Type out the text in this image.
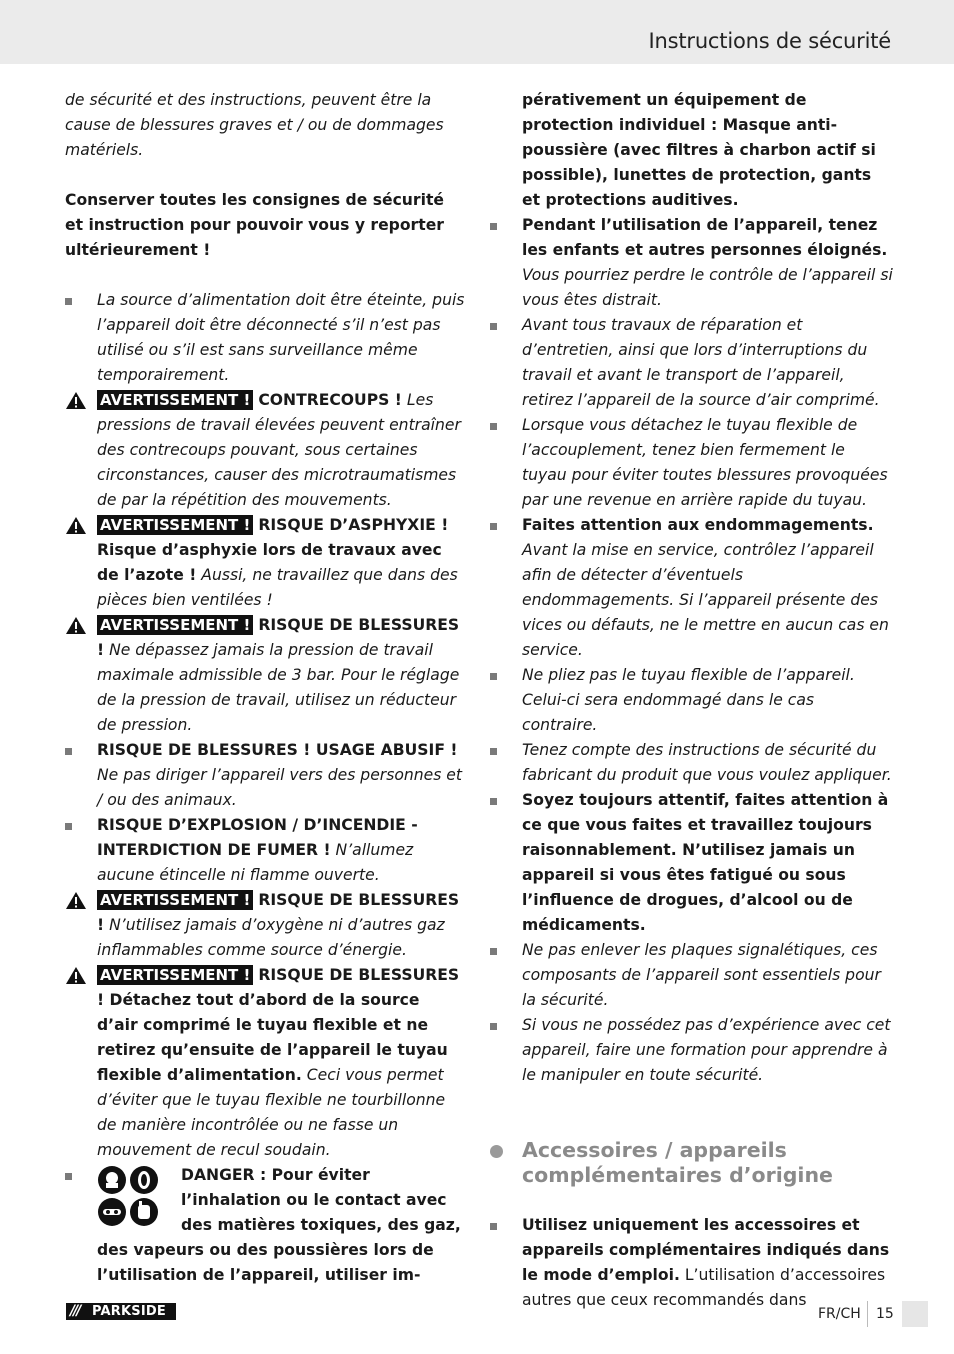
Instructions de sécurité

de sécurité et des instructions, peuvent être la cause de blessures graves et / ou de dommages matériels.

Conserver toutes les consignes de sécurité et instruction pour pouvoir vous y reporter ultérieurement !

La source d’alimentation doit être éteinte, puis l’appareil doit être déconnecté s’il n’est pas utilisé ou s’il est sans surveillance même temporairement.
AVERTISSEMENT ! CONTRECOUPS ! Les pressions de travail élevées peuvent entraîner des contrecoups pouvant, sous certaines circonstances, causer des microtraumatismes de par la répétition des mouvements.
AVERTISSEMENT ! RISQUE D’ASPHYXIE ! Risque d’asphyxie lors de travaux avec de l’azote ! Aussi, ne travaillez que dans des pièces bien ventilées !
AVERTISSEMENT ! RISQUE DE BLESSURES ! Ne dépassez jamais la pression de travail maximale admissible de 3 bar. Pour le réglage de la pression de travail, utilisez un réducteur de pression.
RISQUE DE BLESSURES ! USAGE ABUSIF ! Ne pas diriger l’appareil vers des personnes et / ou des animaux.
RISQUE D’EXPLOSION / D’INCENDIE - INTERDICTION DE FUMER ! N’allumez aucune étincelle ni flamme ouverte.
AVERTISSEMENT ! RISQUE DE BLESSURES ! N’utilisez jamais d’oxygène ni d’autres gaz inflammables comme source d’énergie.
AVERTISSEMENT ! RISQUE DE BLESSURES ! Détachez tout d’abord de la source d’air comprimé le tuyau flexible et ne retirez qu’ensuite de l’appareil le tuyau flexible d’alimentation. Ceci vous permet d’éviter que le tuyau flexible ne tourbillonne de manière incontrôlée ou ne fasse un mouvement de recul soudain.
DANGER : Pour éviter l’inhalation ou le contact avec des matières toxiques, des gaz, des vapeurs ou des poussières lors de l’utilisation de l’appareil, utiliser im-
pérativement un équipement de protection individuel : Masque anti-poussière (avec filtres à charbon actif si possible), lunettes de protection, gants et protections auditives.
Pendant l’utilisation de l’appareil, tenez les enfants et autres personnes éloignés. Vous pourriez perdre le contrôle de l’appareil si vous êtes distrait.
Avant tous travaux de réparation et d’entretien, ainsi que lors d’interruptions du travail et avant le transport de l’appareil, retirez l’appareil de la source d’air comprimé.
Lorsque vous détachez le tuyau flexible de l’accouplement, tenez bien fermement le tuyau pour éviter toutes blessures provoquées par une revenue en arrière rapide du tuyau.
Faites attention aux endommagements. Avant la mise en service, contrôlez l’appareil afin de détecter d’éventuels endommagements. Si l’appareil présente des vices ou défauts, ne le mettre en aucun cas en service.
Ne pliez pas le tuyau flexible de l’appareil. Celui-ci sera endommagé dans le cas contraire.
Tenez compte des instructions de sécurité du fabricant du produit que vous voulez appliquer.
Soyez toujours attentif, faites attention à ce que vous faites et travaillez toujours raisonnablement. N’utilisez jamais un appareil si vous êtes fatigué ou sous l’influence de drogues, d’alcool ou de médicaments.
Ne pas enlever les plaques signalétiques, ces composants de l’appareil sont essentiels pour la sécurité.
Si vous ne possédez pas d’expérience avec cet appareil, faire une formation pour apprendre à le manipuler en toute sécurité.
Accessoires / appareils complémentaires d’origine
Utilisez uniquement les accessoires et appareils complémentaires indiqués dans le mode d’emploi. L’utilisation d’accessoires autres que ceux recommandés dans
/// PARKSIDE	FR/CH 15
